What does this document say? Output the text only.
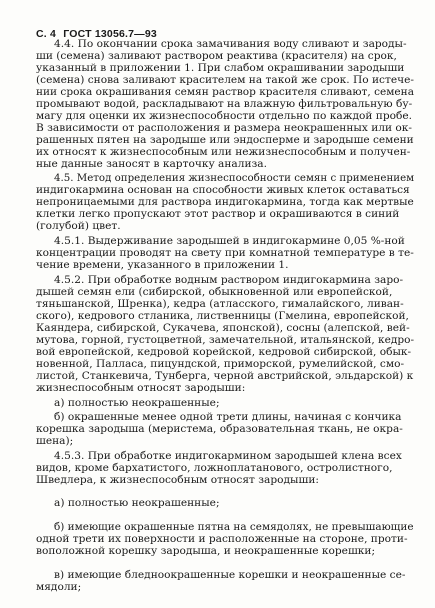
С. 4 ГОСТ 13056.7—93
4.4. По окончании срока замачивания воду сливают и зароды-
ши (семена) заливают раствором реактива (красителя) на срок,
указанный в приложении 1. При слабом окрашивании зародыши
(семена) снова заливают красителем на такой же срок. По истече-
нии срока окрашивания семян раствор красителя сливают, семена
промывают водой, раскладывают на влажную фильтровальную бу-
магу для оценки их жизнеспособности отдельно по каждой пробе.
В зависимости от расположения и размера неокрашенных или ок-
рашенных пятен на зародыше или эндосперме и зародыше семени
их относят к жизнеспособным или нежизнеспособным и получен-
ные данные заносят в карточку анализа.
4.5. Метод определения жизнеспособности семян с применением
индигокармина основан на способности живых клеток оставаться
непроницаемыми для раствора индигокармина, тогда как мертвые
клетки легко пропускают этот раствор и окрашиваются в синий
(голубой) цвет.
4.5.1. Выдерживание зародышей в индигокармине 0,05 %-ной
концентрации проводят на свету при комнатной температуре в те-
чение времени, указанного в приложении 1.
4.5.2. При обработке водным раствором индигокармина заро-
дышей семян ели (сибирской, обыкновенной или европейской,
тяньшанской, Шренка), кедра (атласского, гималайского, ливан-
ского), кедрового стланика, лиственницы (Гмелина, европейской,
Каяндера, сибирской, Сукачева, японской), сосны (алепской, вей-
мутова, горной, густоцветной, замечательной, итальянской, кедро-
вой европейской, кедровой корейской, кедровой сибирской, обык-
новенной, Палласа, пицундской, приморской, румелийской, смо-
листой, Станкевича, Тунберга, черной австрийской, эльдарской) к
жизнеспособным относят зародыши:
а) полностью неокрашенные;
б) окрашенные менее одной трети длины, начиная с кончика
корешка зародыша (меристема, образовательная ткань, не окра-
шена);
4.5.3. При обработке индигокармином зародышей клена всех
видов, кроме бархатистого, ложноплатанового, остролистного,
Шведлера, к жизнеспособным относят зародыши:
а) полностью неокрашенные;
б) имеющие окрашенные пятна на семядолях, не превышающие
одной трети их поверхности и расположенные на стороне, проти-
воположной корешку зародыша, и неокрашенные корешки;
в) имеющие бледноокрашенные корешки и неокрашенные се-
мядоли;
